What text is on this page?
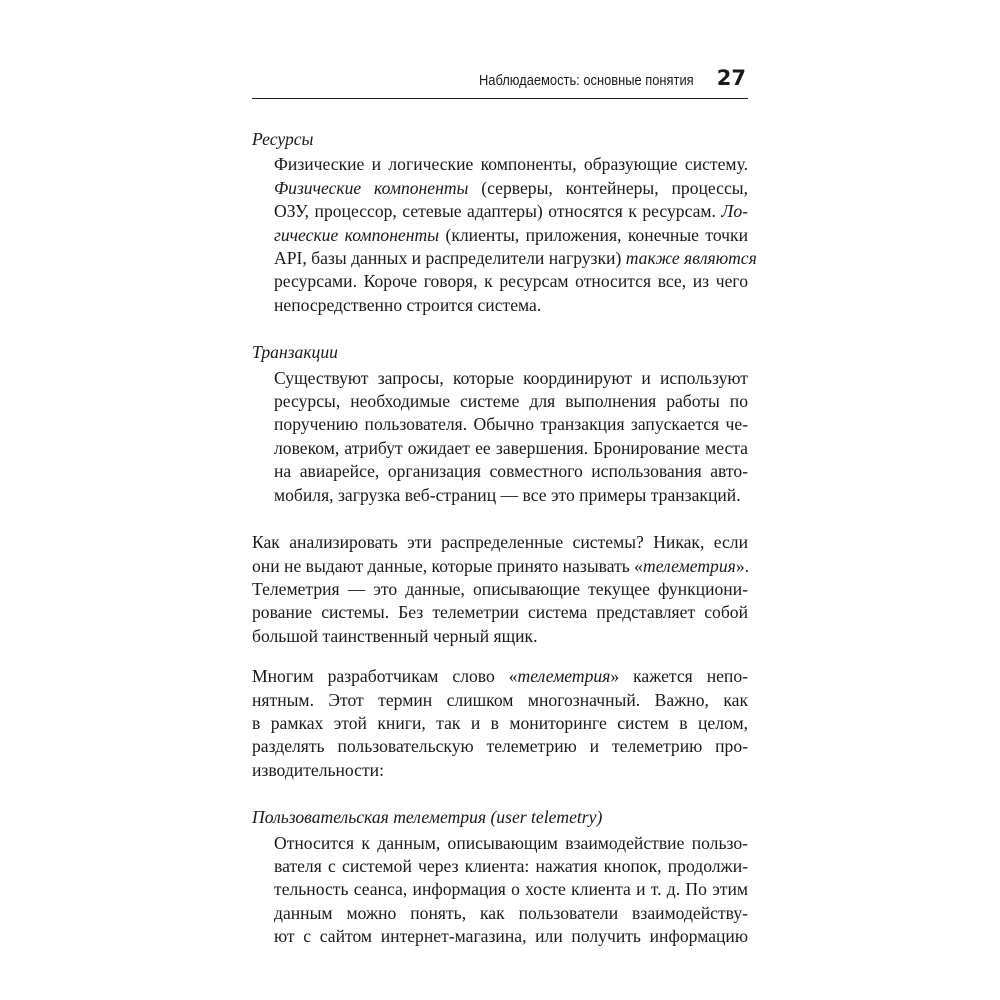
Наблюдаемость: основные понятия 27
Ресурсы
Физические и логические компоненты, образующие систему.
Физические компоненты (серверы, контейнеры, процессы,
ОЗУ, процессор, сетевые адаптеры) относятся к ресурсам. Ло-
гические компоненты (клиенты, приложения, конечные точки
API, базы данных и распределители нагрузки) также являются
ресурсами. Короче говоря, к ресурсам относится все, из чего
непосредственно строится система.
Транзакции
Существуют запросы, которые координируют и используют
ресурсы, необходимые системе для выполнения работы по
поручению пользователя. Обычно транзакция запускается че-
ловеком, атрибут ожидает ее завершения. Бронирование места
на авиарейсе, организация совместного использования авто-
мобиля, загрузка веб-страниц — все это примеры транзакций.
Как анализировать эти распределенные системы? Никак, если
они не выдают данные, которые принято называть «телеметрия».
Телеметрия — это данные, описывающие текущее функциони-
рование системы. Без телеметрии система представляет собой
большой таинственный черный ящик.
Многим разработчикам слово «телеметрия» кажется непо-
нятным. Этот термин слишком многозначный. Важно, как
в рамках этой книги, так и в мониторинге систем в целом,
разделять пользовательскую телеметрию и телеметрию про-
изводительности:
Пользовательская телеметрия (user telemetry)
Относится к данным, описывающим взаимодействие пользо-
вателя с системой через клиента: нажатия кнопок, продолжи-
тельность сеанса, информация о хосте клиента и т. д. По этим
данным можно понять, как пользователи взаимодейству-
ют с сайтом интернет-магазина, или получить информацию
